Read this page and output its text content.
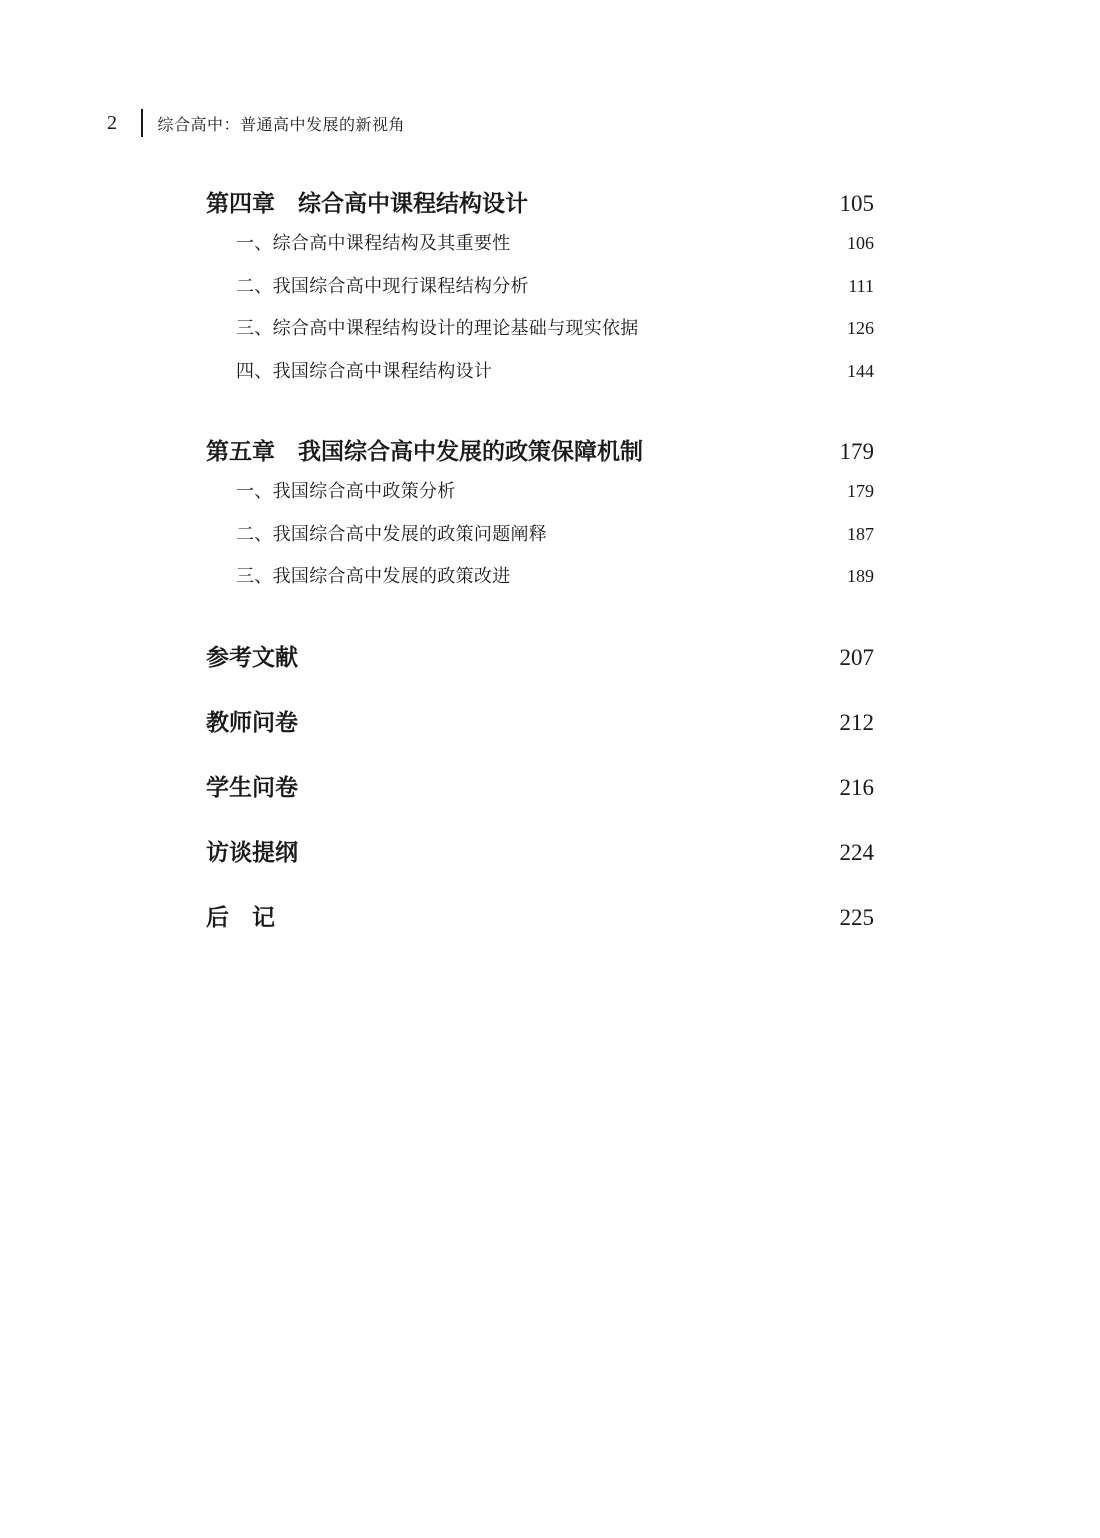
2	综合高中：普通高中发展的新视角
第四章　综合高中课程结构设计	105
一、综合高中课程结构及其重要性	106
二、我国综合高中现行课程结构分析	111
三、综合高中课程结构设计的理论基础与现实依据	126
四、我国综合高中课程结构设计	144
第五章　我国综合高中发展的政策保障机制	179
一、我国综合高中政策分析	179
二、我国综合高中发展的政策问题阐释	187
三、我国综合高中发展的政策改进	189
参考文献	207
教师问卷	212
学生问卷	216
访谈提纲	224
后　记	225
